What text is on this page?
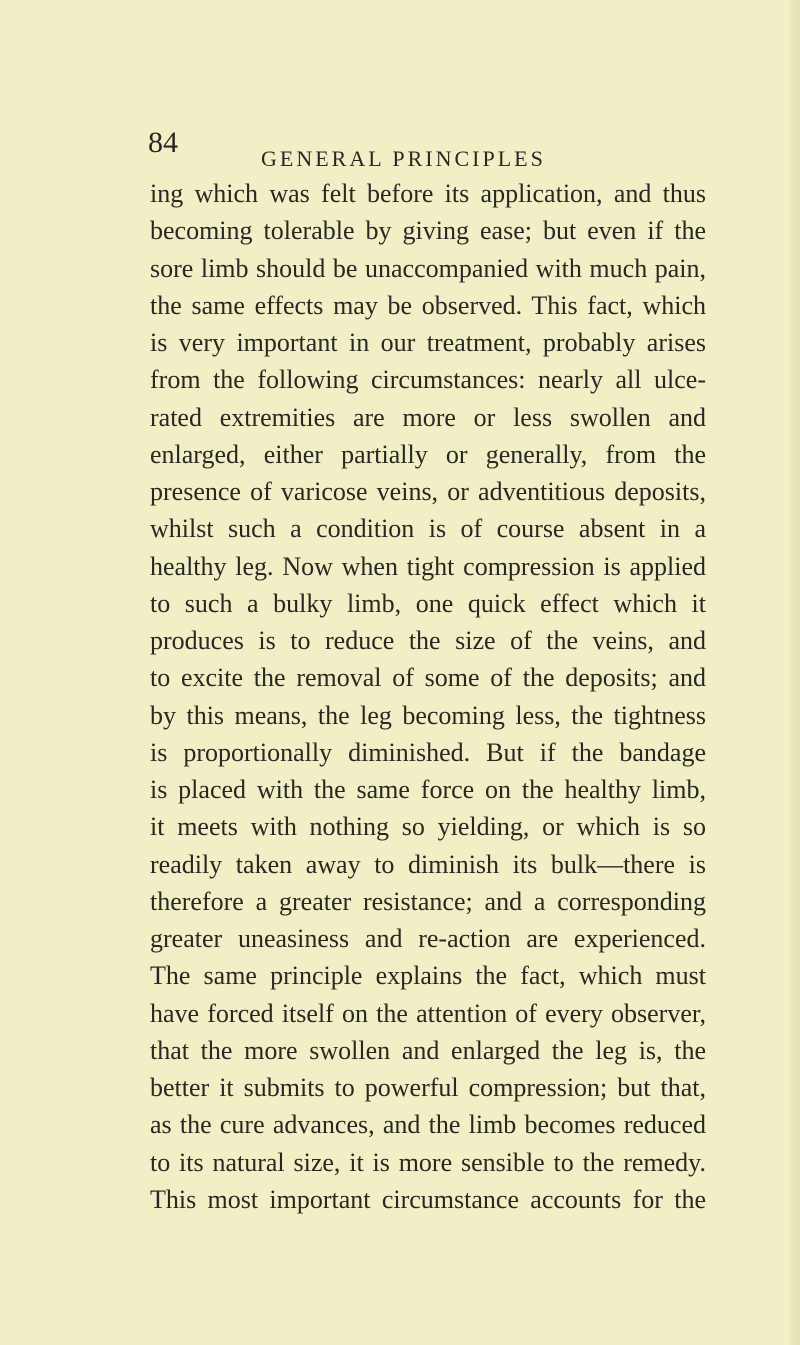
84	GENERAL PRINCIPLES
ing which was felt before its application, and thus
becoming tolerable by giving ease; but even if the
sore limb should be unaccompanied with much pain,
the same effects may be observed. This fact, which
is very important in our treatment, probably arises
from the following circumstances: nearly all ulce-
rated extremities are more or less swollen and
enlarged, either partially or generally, from the
presence of varicose veins, or adventitious deposits,
whilst such a condition is of course absent in a
healthy leg. Now when tight compression is applied
to such a bulky limb, one quick effect which it
produces is to reduce the size of the veins, and
to excite the removal of some of the deposits; and
by this means, the leg becoming less, the tightness
is proportionally diminished. But if the bandage
is placed with the same force on the healthy limb,
it meets with nothing so yielding, or which is so
readily taken away to diminish its bulk—there is
therefore a greater resistance; and a corresponding
greater uneasiness and re-action are experienced.
The same principle explains the fact, which must
have forced itself on the attention of every observer,
that the more swollen and enlarged the leg is, the
better it submits to powerful compression; but that,
as the cure advances, and the limb becomes reduced
to its natural size, it is more sensible to the remedy.
This most important circumstance accounts for the
